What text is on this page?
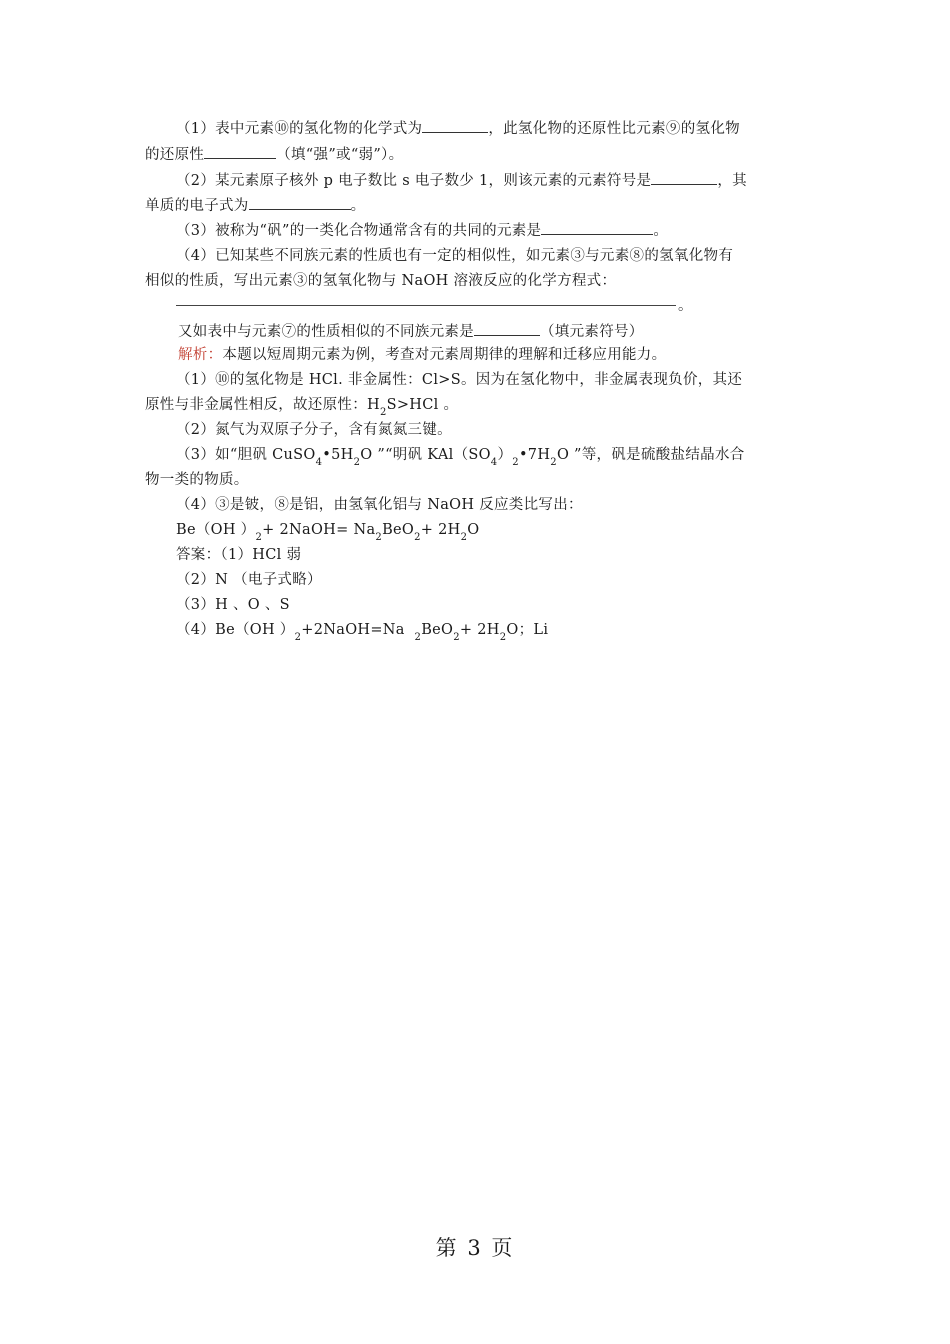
（1）表中元素⑩的氢化物的化学式为	，此氢化物的还原性比元素⑨的氢化物
的还原性	（填“强”或“弱”）。
（2）某元素原子核外 p 电子数比 s 电子数少 1，则该元素的元素符号是	，其
单质的电子式为	。
（3）被称为“矾”的一类化合物通常含有的共同的元素是	。
（4）已知某些不同族元素的性质也有一定的相似性，如元素③与元素⑧的氢氧化物有
相似的性质，写出元素③的氢氧化物与 NaOH 溶液反应的化学方程式：
。
又如表中与元素⑦的性质相似的不同族元素是	（填元素符号）
解析：本题以短周期元素为例，考查对元素周期律的理解和迁移应用能力。
（1）⑩的氢化物是 HCl. 非金属性：Cl>S。因为在氢化物中，非金属表现负价，其还
原性与非金属性相反，故还原性：$H_2S>HCl$ 。
（2）氮气为双原子分子，含有氮氮三键。
（3）如“胆矾 $CuSO_4•5H_2O$ ”“明矾 $KAl(SO_4)_2•7H_2O$ ”等，矾是硫酸盐结晶水合
物一类的物质。
（4）③是铍，⑧是铝，由氢氧化铝与 NaOH 反应类比写出：
Be（OH ）$_2+$ 2NaOH= $Na_2BeO_2+ 2H_2O$
答案：（1）HCl 弱
（2）N （电子式略）
（3）H 、O 、S
（4）Be（OH ）$_2+2NaOH=Na$  $_2BeO_2+ 2H_2O$；Li
第 3 页
